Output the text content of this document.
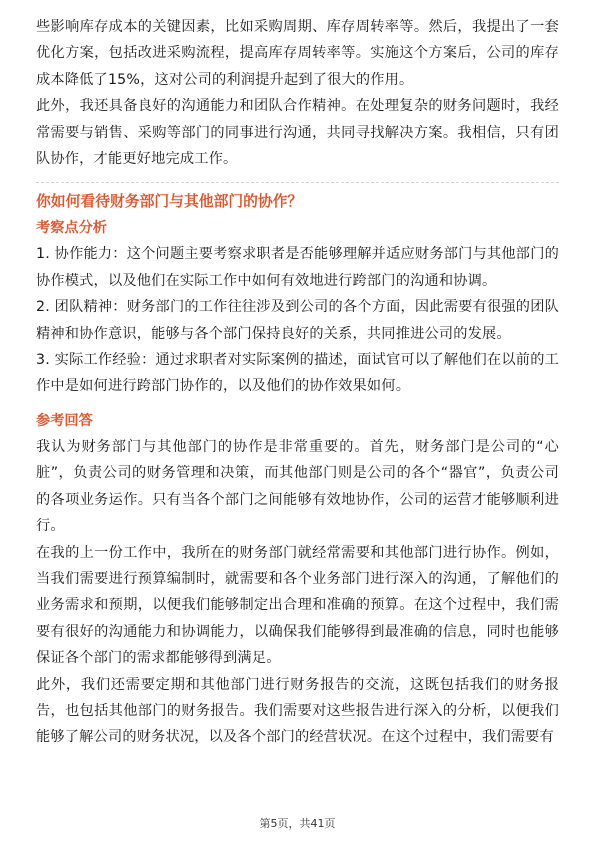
些影响库存成本的关键因素，比如采购周期、库存周转率等。然后，我提出了一套优化方案，包括改进采购流程，提高库存周转率等。实施这个方案后，公司的库存成本降低了15%，这对公司的利润提升起到了很大的作用。

此外，我还具备良好的沟通能力和团队合作精神。在处理复杂的财务问题时，我经常需要与销售、采购等部门的同事进行沟通，共同寻找解决方案。我相信，只有团队协作，才能更好地完成工作。

你如何看待财务部门与其他部门的协作？
考察点分析

1. 协作能力：这个问题主要考察求职者是否能够理解并适应财务部门与其他部门的协作模式，以及他们在实际工作中如何有效地进行跨部门的沟通和协调。

2. 团队精神：财务部门的工作往往涉及到公司的各个方面，因此需要有很强的团队精神和协作意识，能够与各个部门保持良好的关系，共同推进公司的发展。

3. 实际工作经验：通过求职者对实际案例的描述，面试官可以了解他们在以前的工作中是如何进行跨部门协作的，以及他们的协作效果如何。

参考回答

我认为财务部门与其他部门的协作是非常重要的。首先，财务部门是公司的“心脏”，负责公司的财务管理和决策，而其他部门则是公司的各个“器官”，负责公司的各项业务运作。只有当各个部门之间能够有效地协作，公司的运营才能够顺利进行。

在我的上一份工作中，我所在的财务部门就经常需要和其他部门进行协作。例如，当我们需要进行预算编制时，就需要和各个业务部门进行深入的沟通，了解他们的业务需求和预期，以便我们能够制定出合理和准确的预算。在这个过程中，我们需要有很好的沟通能力和协调能力，以确保我们能够得到最准确的信息，同时也能够保证各个部门的需求都能够得到满足。

此外，我们还需要定期和其他部门进行财务报告的交流，这既包括我们的财务报告，也包括其他部门的财务报告。我们需要对这些报告进行深入的分析，以便我们能够了解公司的财务状况，以及各个部门的经营状况。在这个过程中，我们需要有

第5页，共41页
